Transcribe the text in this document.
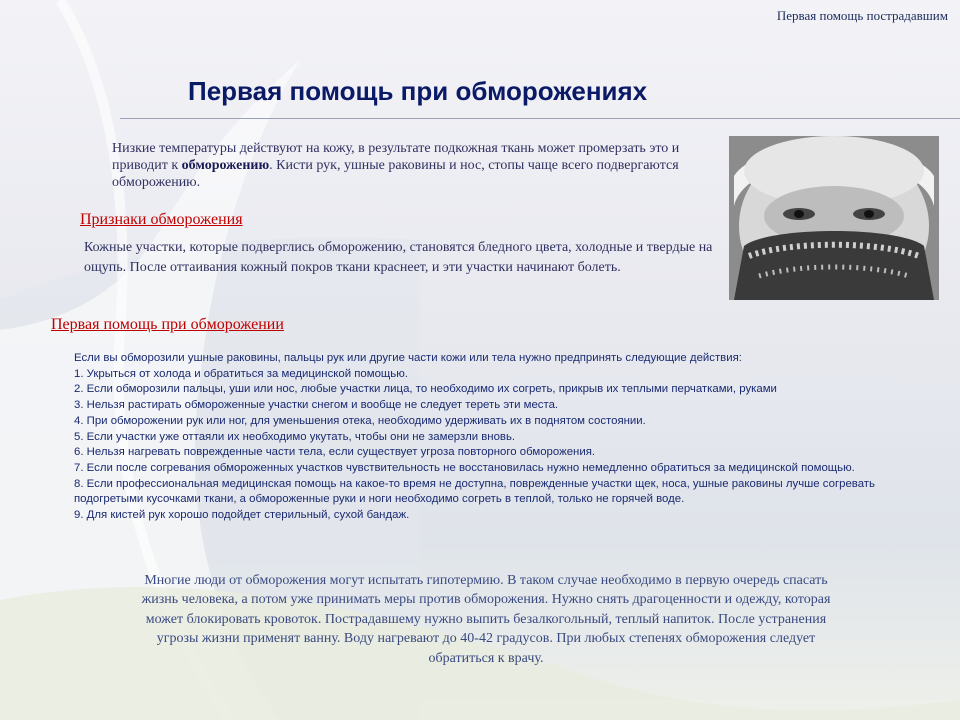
Первая помощь пострадавшим
Первая помощь при обморожениях
Низкие температуры действуют на кожу, в результате подкожная ткань может промерзать это и приводит к обморожению. Кисти рук, ушные раковины и нос, стопы чаще всего подвергаются обморожению.
Признаки обморожения
Кожные участки, которые подверглись обморожению, становятся бледного цвета, холодные и твердые на ощупь. После оттаивания кожный покров ткани краснеет, и эти участки начинают болеть.
Первая помощь при обморожении
Если вы обморозили ушные раковины, пальцы рук или другие части кожи или тела нужно предпринять следующие действия:
1. Укрыться от холода и обратиться за медицинской помощью.
2. Если обморозили пальцы, уши или нос, любые участки лица, то необходимо их согреть, прикрыв их теплыми перчатками, руками
3. Нельзя растирать обмороженные участки снегом и вообще не следует тереть эти места.
4. При обморожении рук или ног, для уменьшения отека, необходимо удерживать их в поднятом состоянии.
5. Если участки уже оттаяли их необходимо укутать, чтобы они не замерзли вновь.
6. Нельзя нагревать поврежденные части тела, если существует угроза повторного обморожения.
7. Если после согревания обмороженных участков чувствительность не восстановилась нужно немедленно обратиться за медицинской помощью.
8. Если профессиональная медицинская помощь на какое-то время не доступна, поврежденные участки щек, носа, ушные раковины лучше согревать подогретыми кусочками ткани, а обмороженные руки и ноги необходимо согреть в теплой, только не горячей воде.
9. Для кистей рук хорошо подойдет стерильный, сухой бандаж.
Многие люди от обморожения могут испытать гипотермию. В таком случае необходимо в первую очередь спасать жизнь человека, а потом уже принимать меры против обморожения. Нужно снять драгоценности и одежду, которая может блокировать кровоток. Пострадавшему нужно выпить безалкогольный, теплый напиток. После устранения угрозы жизни применят ванну. Воду нагревают до 40-42 градусов. При любых степенях обморожения следует обратиться к врачу.
